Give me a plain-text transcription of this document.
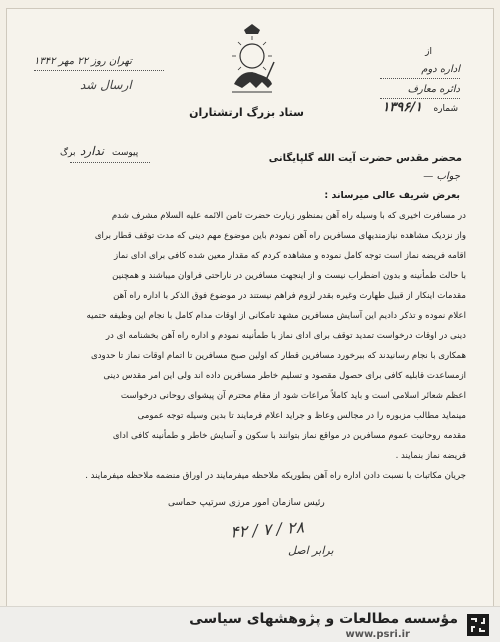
از
اداره دوم
دائره معارف
شماره
۱۳۹۶/۱
ستاد بزرگ ارتشتاران
تهران روز ۲۲ مهر ۱۳۴۲
ارسال شد
پیوست
ندارد
برگ	محضر مقدس حضرت آیت الله گلپایگانی
جواب —
بعرض شریف عالی میرساند :
در مسافرت اخیری که با وسیله راه آهن بمنظور زیارت حضرت ثامن الائمه علیه السلام مشرف شدم
واز نزدیک مشاهده نیازمندیهای مسافرین راه آهن نمودم باین موضوع مهم دینی که مدت توقف قطار برای
اقامه فریضه نماز است توجه کامل نموده و مشاهده کردم که مقدار معین شده کافی برای ادای نماز
با حالت طمأنینه و بدون اضطراب نیست و از اینجهت مسافرین در ناراحتی فراوان میباشند و همچنین
مقدمات اینکار از قبیل طهارت وغیره بقدر لزوم فراهم نیستند در موضوع فوق الذکر با اداره راه آهن
اعلام نموده و تذکر دادیم این آسایش مسافرین مشهد تامکانی از اوقات مدام کامل با نجام این وظیفه حتمیه
دینی در اوقات درخواست تمدید توقف برای ادای نماز با طمأنینه نمودم و اداره راه آهن بخشنامه ای در
همکاری با نجام رسانیدند که ببرخورد مسافرین قطار که اولین صبح مسافرین تا اتمام اوقات نماز تا حدودی
ازمساعدت قابلیه کافی برای حصول مقصود و تسلیم خاطر مسافرین داده اند ولی این امر مقدس دینی
اعظم شعائر اسلامی است و باید کاملاً مراعات شود از مقام محترم آن پیشوای روحانی درخواست
مینماید مطالب مزبوره را در مجالس وعاظ و جراید اعلام فرمایند تا بدین وسیله توجه عمومی
مقدمه روحانیت عموم مسافرین در مواقع نماز بتوانند با سکون و آسایش خاطر و طمأنینه کافی ادای
فریضه نماز بنمایند .
جریان مکاتبات با نسبت دادن اداره راه آهن بطوریکه ملاحظه میفرمایند در اوراق منضمه ملاحظه میفرمایند .
رئیس سازمان امور مرزی سرتیپ حماسی
۲۸ / ۷ / ۴۲
برابر اصل
مؤسسه مطالعات و پژوهشهای سیاسی
www.psri.ir
